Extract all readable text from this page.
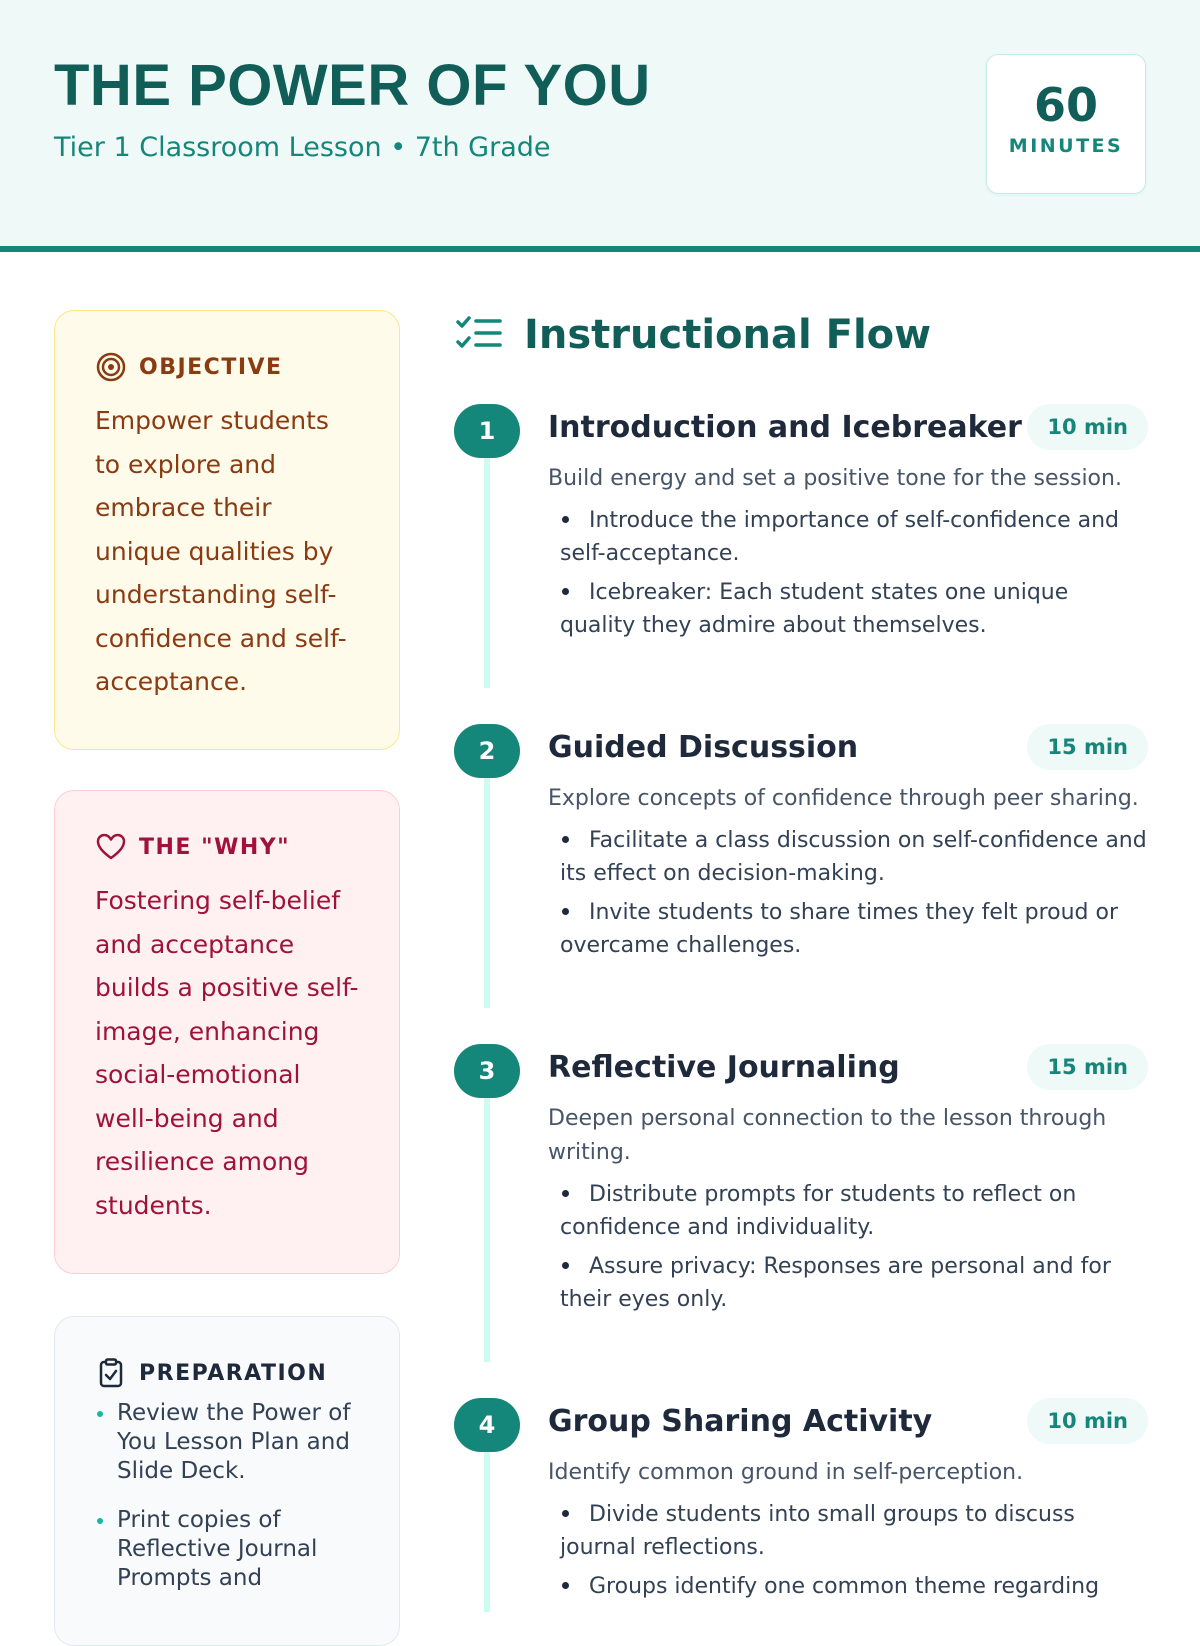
THE POWER OF YOU
Tier 1 Classroom Lesson • 7th Grade
60
MINUTES
OBJECTIVE
Empower students to explore and embrace their unique qualities by understanding self-confidence and self-acceptance.
THE "WHY"
Fostering self-belief and acceptance builds a positive self-image, enhancing social-emotional well-being and resilience among students.
PREPARATION
Review the Power of You Lesson Plan and Slide Deck.
Print copies of Reflective Journal Prompts and
Instructional Flow
1	Introduction and Icebreaker	10 min
Build energy and set a positive tone for the session.
Introduce the importance of self-confidence and self-acceptance.
Icebreaker: Each student states one unique quality they admire about themselves.
2	Guided Discussion	15 min
Explore concepts of confidence through peer sharing.
Facilitate a class discussion on self-confidence and its effect on decision-making.
Invite students to share times they felt proud or overcame challenges.
3	Reflective Journaling	15 min
Deepen personal connection to the lesson through writing.
Distribute prompts for students to reflect on confidence and individuality.
Assure privacy: Responses are personal and for their eyes only.
4	Group Sharing Activity	10 min
Identify common ground in self-perception.
Divide students into small groups to discuss journal reflections.
Groups identify one common theme regarding
